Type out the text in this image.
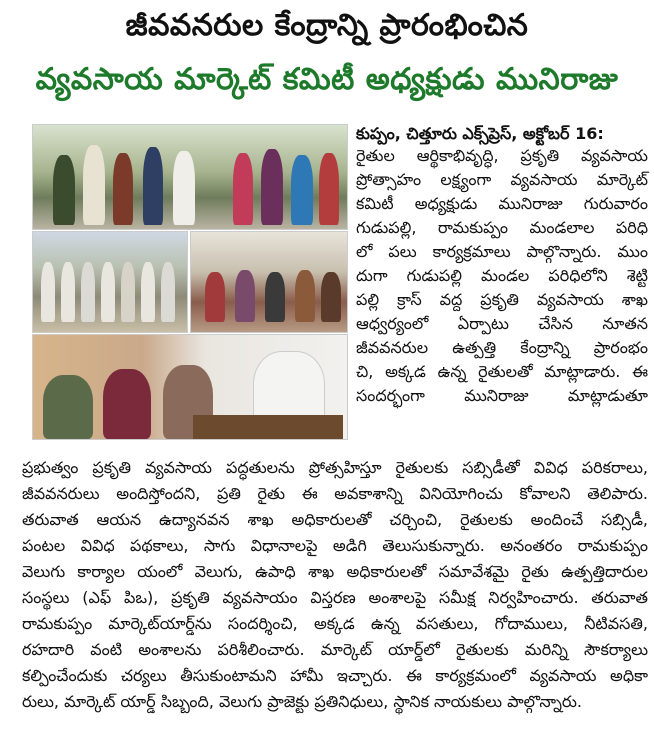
జీవవనరుల కేంద్రాన్ని ప్రారంభించిన
వ్యవసాయ మార్కెట్ కమిటీ అధ్యక్షుడు మునిరాజు
కుప్పం, చిత్తూరు ఎక్స్‌ప్రెస్, అక్టోబర్ 16:
రైతుల ఆర్థికాభివృద్ధి, ప్రకృతి వ్యవసాయ
ప్రోత్సాహం లక్ష్యంగా వ్యవసాయ మార్కెట్
కమిటీ అధ్యక్షుడు మునిరాజు గురువారం
గుడుపల్లి, రామకుప్పం మండలాల పరిధి
లో పలు కార్యక్రమాలు పాల్గొన్నారు. ముం
దుగా గుడుపల్లి మండల పరిధిలోని శెట్టి
పల్లి క్రాస్ వద్ద ప్రకృతి వ్యవసాయ శాఖ
ఆధ్వర్యంలో ఏర్పాటు చేసిన నూతన
జీవవనరుల ఉత్పత్తి కేంద్రాన్ని ప్రారంభం
చి, అక్కడ ఉన్న రైతులతో మాట్లాడారు. ఈ
సందర్భంగా మునిరాజు మాట్లాడుతూ
ప్రభుత్వం ప్రకృతి వ్యవసాయ పద్ధతులను ప్రోత్సహిస్తూ రైతులకు సబ్సిడీతో వివిధ పరికరాలు,
జీవవనరులు అందిస్తోందని, ప్రతి రైతు ఈ అవకాశాన్ని వినియోగించు కోవాలని తెలిపారు.
తరువాత ఆయన ఉద్యానవన శాఖ అధికారులతో చర్చించి, రైతులకు అందించే సబ్సిడీ,
పంటల వివిధ పథకాలు, సాగు విధానాలపై అడిగి తెలుసుకున్నారు. అనంతరం రామకుప్పం
వెలుగు కార్యాల యంలో వెలుగు, ఉపాధి శాఖ అధికారులతో సమావేశమై రైతు ఉత్పత్తిదారుల
సంస్థలు (ఎఫ్ పిఒ), ప్రకృతి వ్యవసాయం విస్తరణ అంశాలపై సమీక్ష నిర్వహించారు. తరువాత
రామకుప్పం మార్కెట్‌యార్డ్‌ను సందర్శించి, అక్కడ ఉన్న వసతులు, గోదాములు, నీటివసతి,
రహదారి వంటి అంశాలను పరిశీలించారు. మార్కెట్ యార్డ్‌లో రైతులకు మరిన్ని సౌకర్యాలు
కల్పించేందుకు చర్యలు తీసుకుంటామని హామీ ఇచ్చారు. ఈ కార్యక్రమంలో వ్యవసాయ అధికా
రులు, మార్కెట్ యార్డ్ సిబ్బంది, వెలుగు ప్రాజెక్టు ప్రతినిధులు, స్థానిక నాయకులు పాల్గొన్నారు.
